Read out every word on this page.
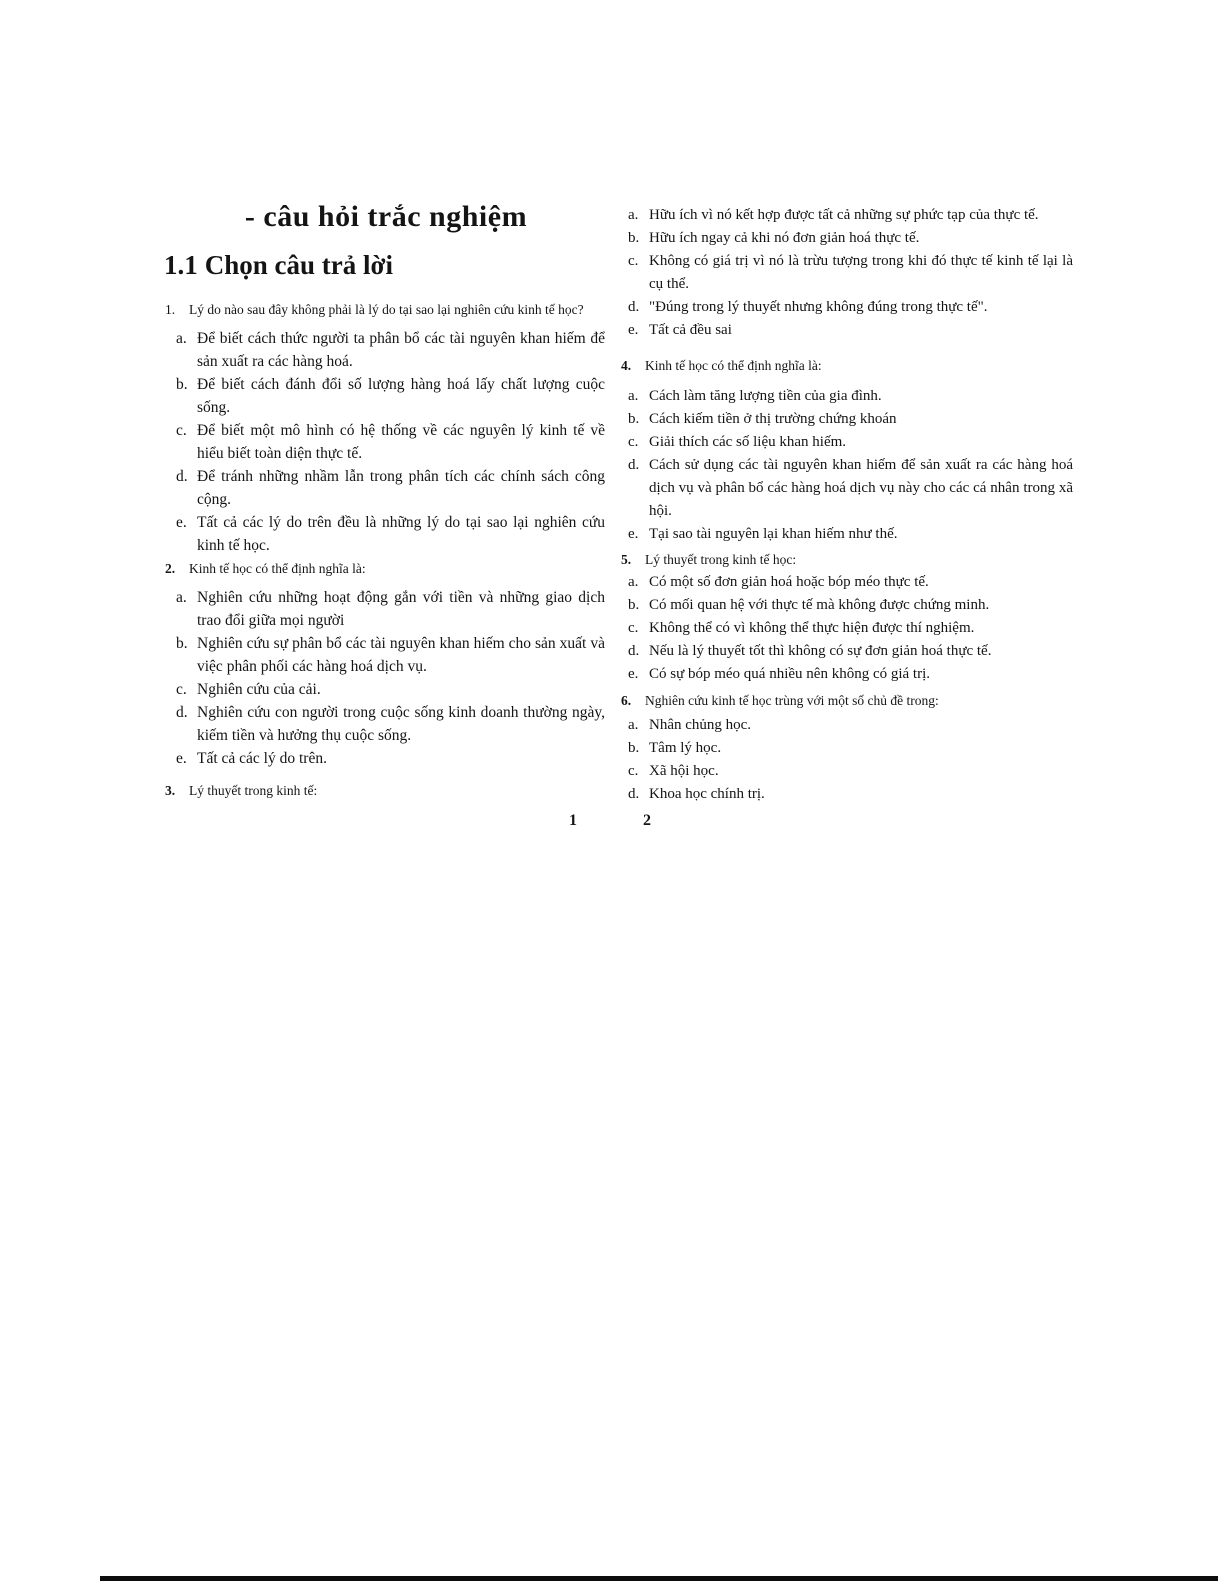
- câu hỏi trắc nghiệm
1.1 Chọn câu trả lời
1.	Lý do nào sau đây không phải là lý do tại sao lại nghiên cứu kinh tế học?
a. Để biết cách thức người ta phân bổ các tài nguyên khan hiếm để sản xuất ra các hàng hoá.
b. Để biết cách đánh đổi số lượng hàng hoá lấy chất lượng cuộc sống.
c. Để biết một mô hình có hệ thống về các nguyên lý kinh tế về hiểu biết toàn diện thực tế.
d. Để tránh những nhầm lẫn trong phân tích các chính sách công cộng.
e. Tất cả các lý do trên đều là những lý do tại sao lại nghiên cứu kinh tế học.
2.	Kinh tế học có thể định nghĩa là:
a. Nghiên cứu những hoạt động gắn với tiền và những giao dịch trao đổi giữa mọi người
b. Nghiên cứu sự phân bổ các tài nguyên khan hiếm cho sản xuất và việc phân phối các hàng hoá dịch vụ.
c. Nghiên cứu của cải.
d. Nghiên cứu con người trong cuộc sống kinh doanh thường ngày, kiếm tiền và hưởng thụ cuộc sống.
e. Tất cả các lý do trên.
3.	Lý thuyết trong kinh tế:
a. Hữu ích vì nó kết hợp được tất cả những sự phức tạp của thực tế.
b. Hữu ích ngay cả khi nó đơn giản hoá thực tế.
c. Không có giá trị vì nó là trừu tượng trong khi đó thực tế kinh tế lại là cụ thể.
d. "Đúng trong lý thuyết nhưng không đúng trong thực tế".
e. Tất cả đều sai
4.	Kinh tế học có thể định nghĩa là:
a. Cách làm tăng lượng tiền của gia đình.
b. Cách kiếm tiền ở thị trường chứng khoán
c. Giải thích các số liệu khan hiếm.
d. Cách sử dụng các tài nguyên khan hiếm để sản xuất ra các hàng hoá dịch vụ và phân bổ các hàng hoá dịch vụ này cho các cá nhân trong xã hội.
e. Tại sao tài nguyên lại khan hiếm như thế.
5.	Lý thuyết trong kinh tế học:
a. Có một số đơn giản hoá hoặc bóp méo thực tế.
b. Có mối quan hệ với thực tế mà không được chứng minh.
c. Không thể có vì không thể thực hiện được thí nghiệm.
d. Nếu là lý thuyết tốt thì không có sự đơn giản hoá thực tế.
e. Có sự bóp méo quá nhiều nên không có giá trị.
6.	Nghiên cứu kinh tế học trùng với một số chủ đề trong:
a. Nhân chủng học.
b. Tâm lý học.
c. Xã hội học.
d. Khoa học chính trị.
1	2
